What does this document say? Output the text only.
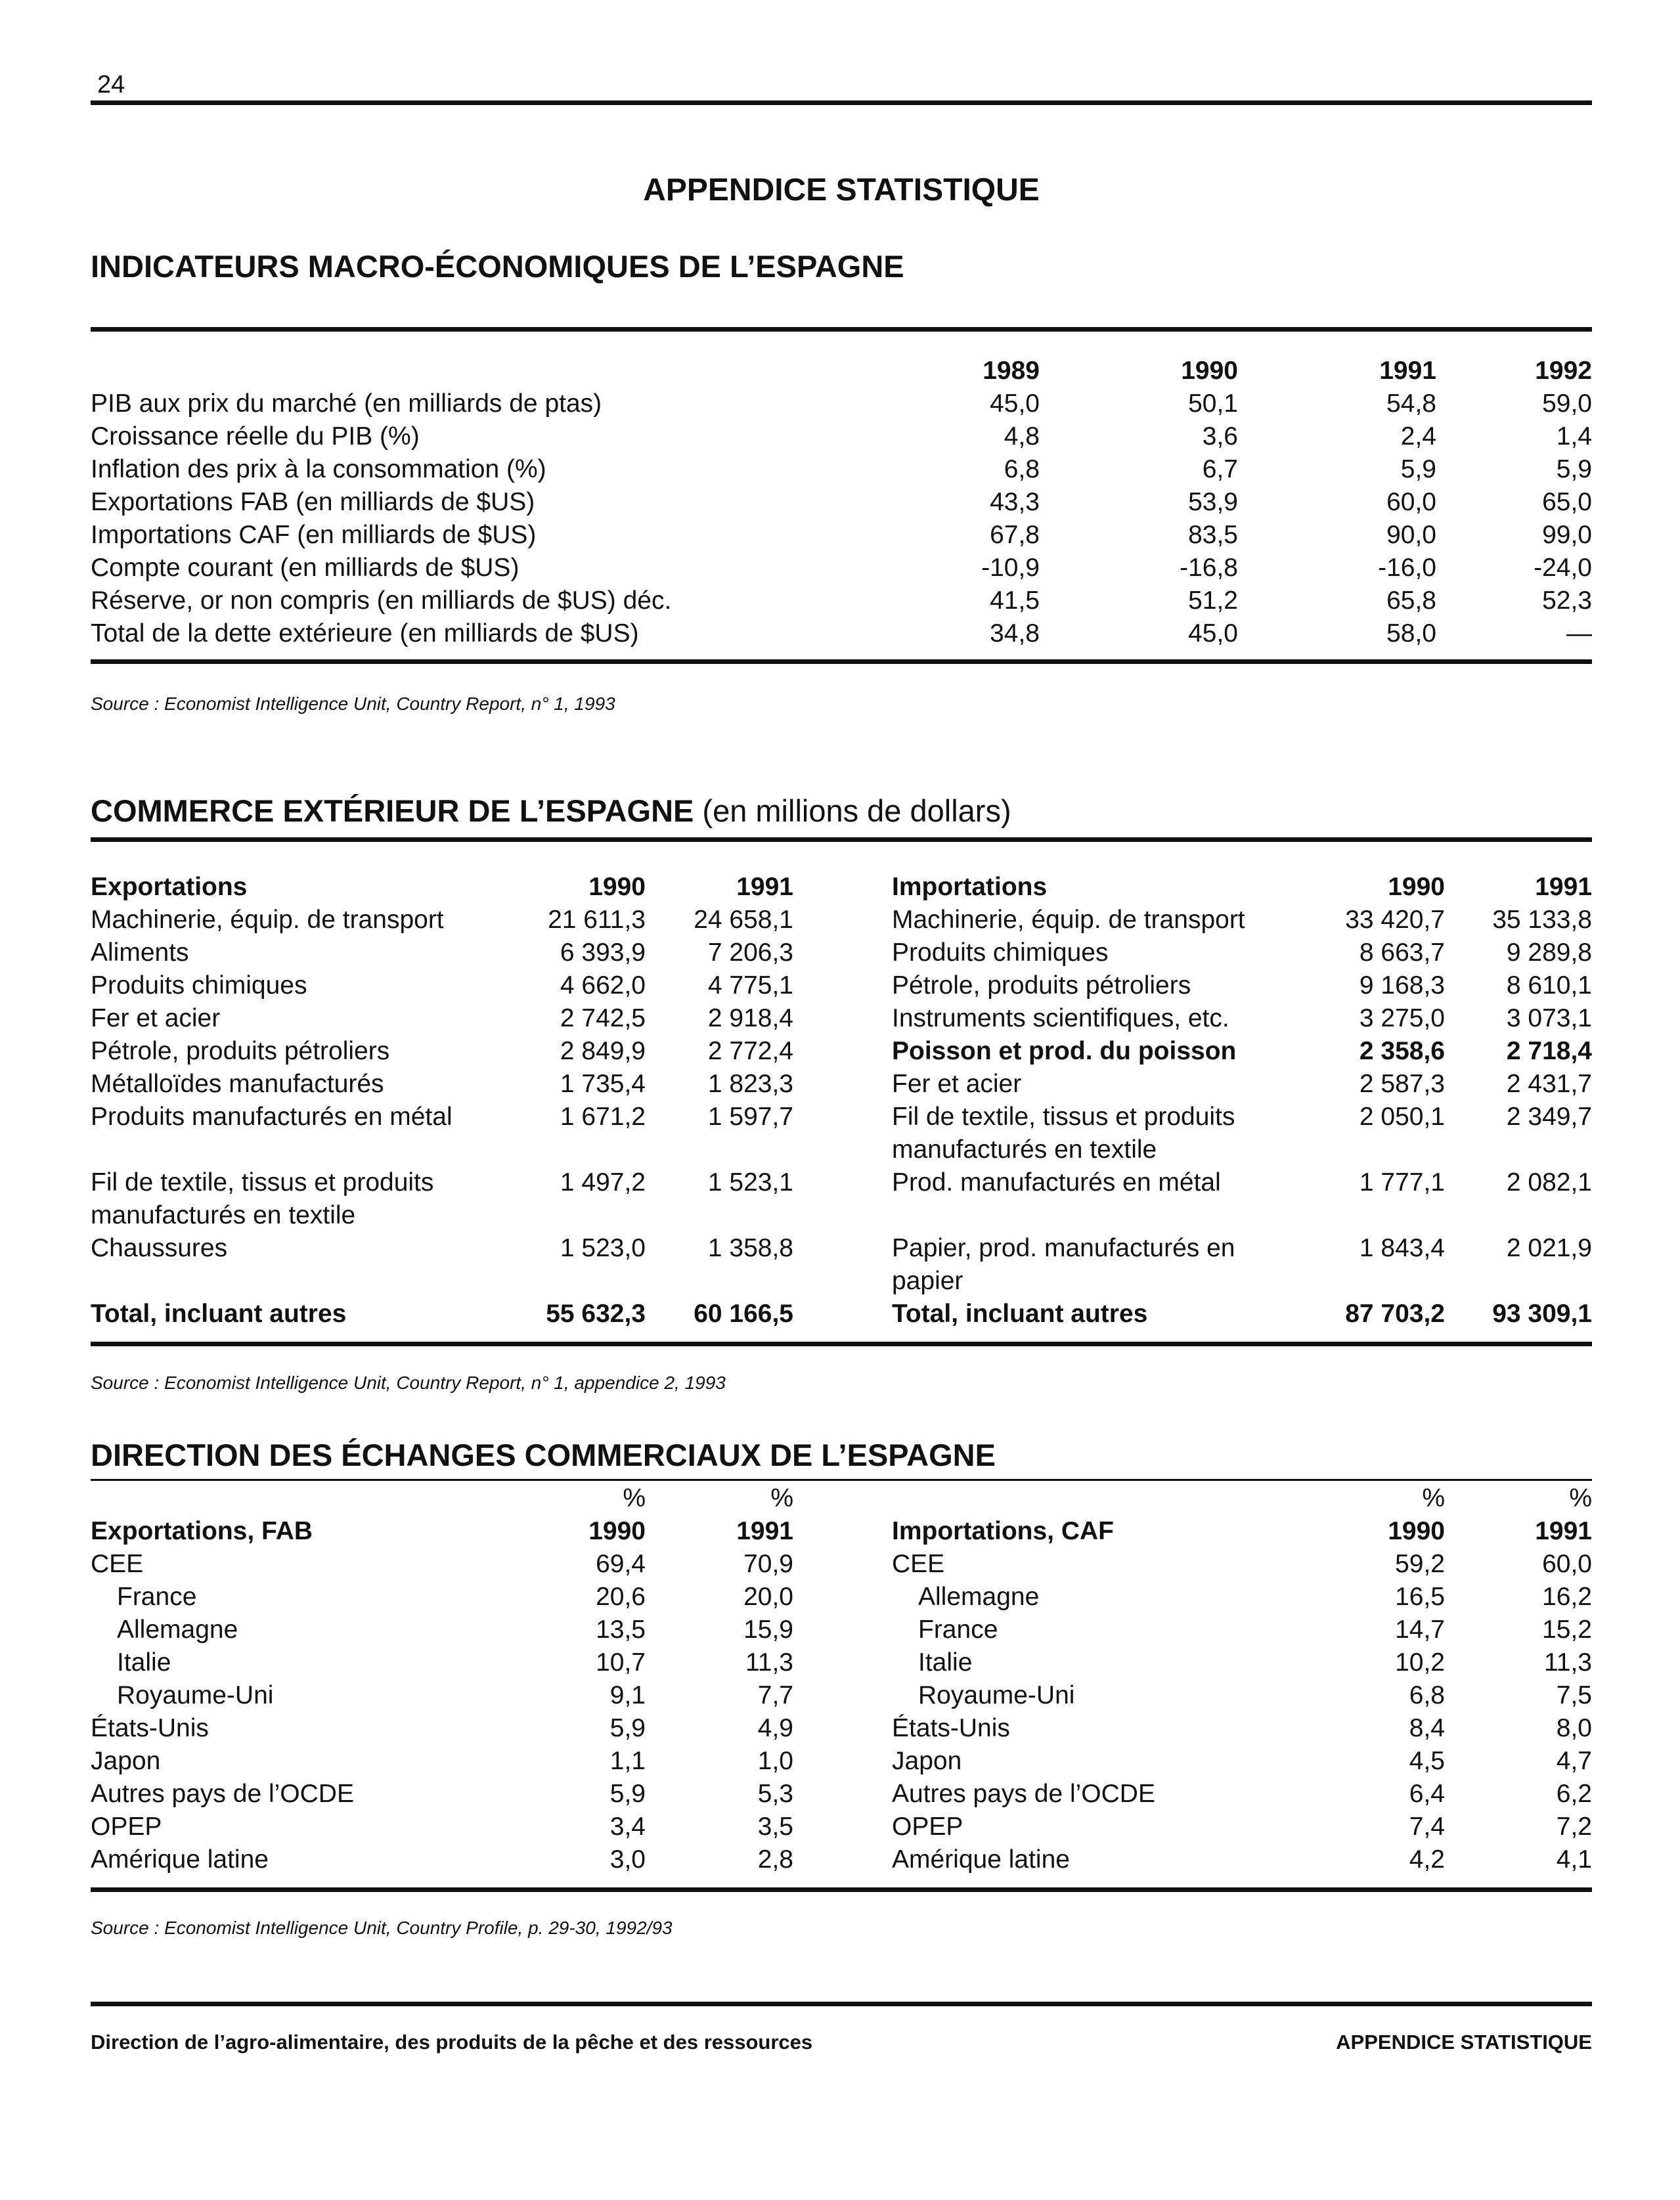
24
APPENDICE STATISTIQUE
INDICATEURS MACRO-ÉCONOMIQUES DE L’ESPAGNE
	1989	1990	1991	1992
PIB aux prix du marché (en milliards de ptas)	45,0	50,1	54,8	59,0
Croissance réelle du PIB (%)	4,8	3,6	2,4	1,4
Inflation des prix à la consommation (%)	6,8	6,7	5,9	5,9
Exportations FAB (en milliards de $US)	43,3	53,9	60,0	65,0
Importations CAF (en milliards de $US)	67,8	83,5	90,0	99,0
Compte courant (en milliards de $US)	-10,9	-16,8	-16,0	-24,0
Réserve, or non compris (en milliards de $US) déc.	41,5	51,2	65,8	52,3
Total de la dette extérieure (en milliards de $US)	34,8	45,0	58,0	—
Source : Economist Intelligence Unit, Country Report, n° 1, 1993
COMMERCE EXTÉRIEUR DE L’ESPAGNE (en millions de dollars)
Exportations	1990	1991		Importations	1990	1991
Machinerie, équip. de transport	21 611,3	24 658,1		Machinerie, équip. de transport	33 420,7	35 133,8
Aliments	6 393,9	7 206,3		Produits chimiques	8 663,7	9 289,8
Produits chimiques	4 662,0	4 775,1		Pétrole, produits pétroliers	9 168,3	8 610,1
Fer et acier	2 742,5	2 918,4		Instruments scientifiques, etc.	3 275,0	3 073,1
Pétrole, produits pétroliers	2 849,9	2 772,4		Poisson et prod. du poisson	2 358,6	2 718,4
Métalloïdes manufacturés	1 735,4	1 823,3		Fer et acier	2 587,3	2 431,7
Produits manufacturés en métal	1 671,2	1 597,7		Fil de textile, tissus et produits manufacturés en textile	2 050,1	2 349,7
Fil de textile, tissus et produits manufacturés en textile	1 497,2	1 523,1		Prod. manufacturés en métal	1 777,1	2 082,1
Chaussures	1 523,0	1 358,8		Papier, prod. manufacturés en papier	1 843,4	2 021,9
Total, incluant autres	55 632,3	60 166,5		Total, incluant autres	87 703,2	93 309,1
Source : Economist Intelligence Unit, Country Report, n° 1, appendice 2, 1993
DIRECTION DES ÉCHANGES COMMERCIAUX DE L’ESPAGNE
	%	%			%	%
Exportations, FAB	1990	1991		Importations, CAF	1990	1991
CEE	69,4	70,9		CEE	59,2	60,0
France	20,6	20,0		Allemagne	16,5	16,2
Allemagne	13,5	15,9		France	14,7	15,2
Italie	10,7	11,3		Italie	10,2	11,3
Royaume-Uni	9,1	7,7		Royaume-Uni	6,8	7,5
États-Unis	5,9	4,9		États-Unis	8,4	8,0
Japon	1,1	1,0		Japon	4,5	4,7
Autres pays de l’OCDE	5,9	5,3		Autres pays de l’OCDE	6,4	6,2
OPEP	3,4	3,5		OPEP	7,4	7,2
Amérique latine	3,0	2,8		Amérique latine	4,2	4,1
Source : Economist Intelligence Unit, Country Profile, p. 29-30, 1992/93
Direction de l’agro-alimentaire, des produits de la pêche et des ressources	APPENDICE STATISTIQUE
